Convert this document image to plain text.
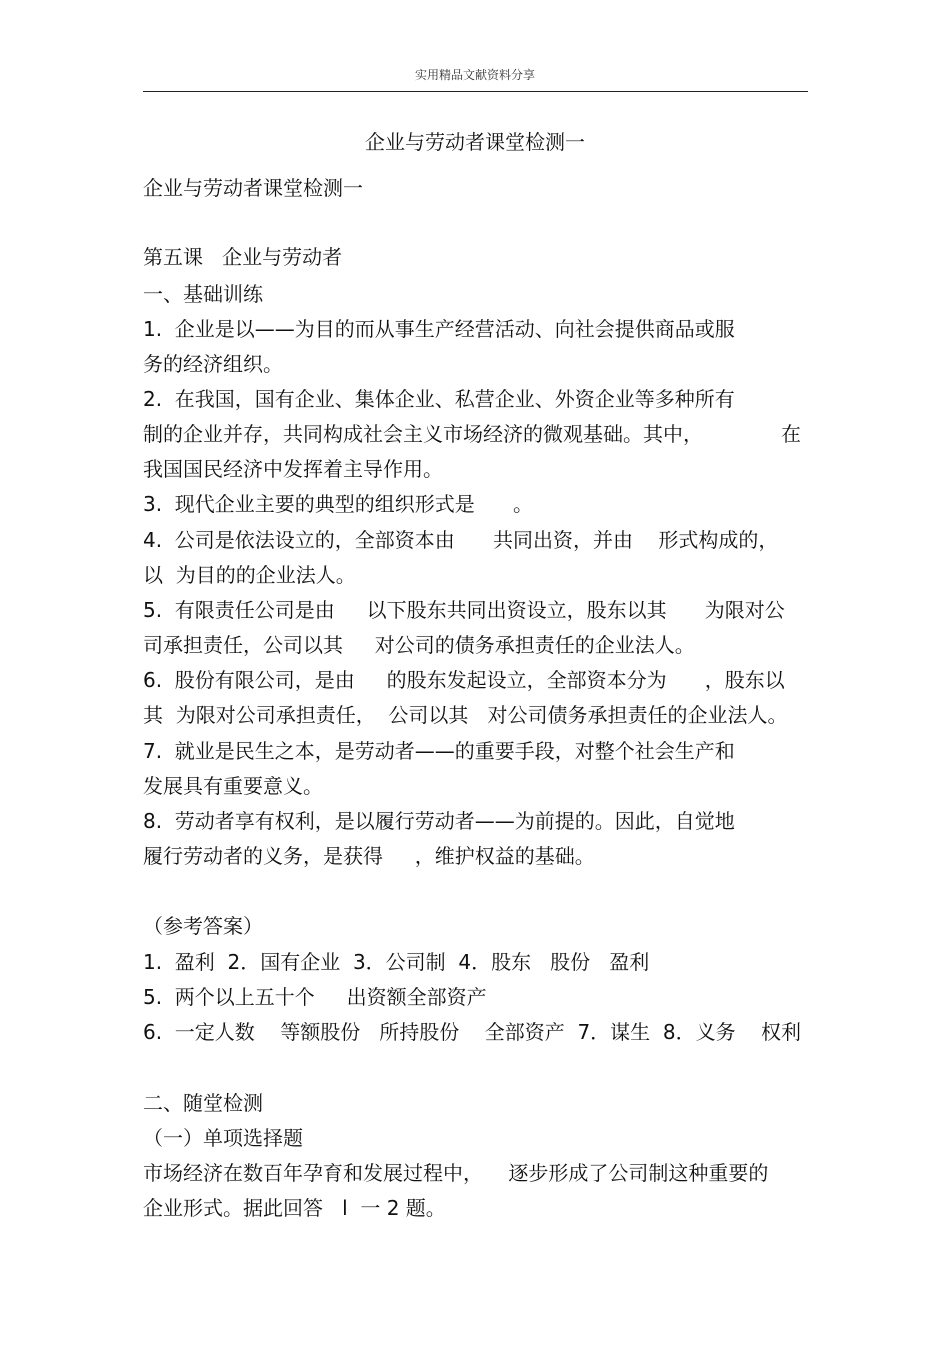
实用精品文献资料分享
企业与劳动者课堂检测一
企业与劳动者课堂检测一
第五课   企业与劳动者
一、基础训练
1.  企业是以——为目的而从事生产经营活动、向社会提供商品或服
务的经济组织。
2.  在我国，国有企业、集体企业、私营企业、外资企业等多种所有
制的企业并存，共同构成社会主义市场经济的微观基础。其中，	在
我国国民经济中发挥着主导作用。
3.  现代企业主要的典型的组织形式是      。
4.  公司是依法设立的，全部资本由      共同出资，并由    形式构成的，
以  为目的的企业法人。
5.  有限责任公司是由     以下股东共同出资设立，股东以其      为限对公
司承担责任，公司以其     对公司的债务承担责任的企业法人。
6.  股份有限公司，是由     的股东发起设立，全部资本分为      ，股东以
其  为限对公司承担责任，  公司以其   对公司债务承担责任的企业法人。
7.  就业是民生之本，是劳动者——的重要手段，对整个社会生产和
发展具有重要意义。
8.  劳动者享有权利，是以履行劳动者——为前提的。因此，自觉地
履行劳动者的义务，是获得     ，维护权益的基础。
（参考答案）
1.  盈利  2．国有企业  3．公司制  4．股东   股份   盈利
5.  两个以上五十个     出资额全部资产
6.  一定人数    等额股份   所持股份    全部资产  7．谋生  8．义务    权利
二、随堂检测
（一）单项选择题
市场经济在数百年孕育和发展过程中，    逐步形成了公司制这种重要的
企业形式。据此回答   l  一 2 题。
